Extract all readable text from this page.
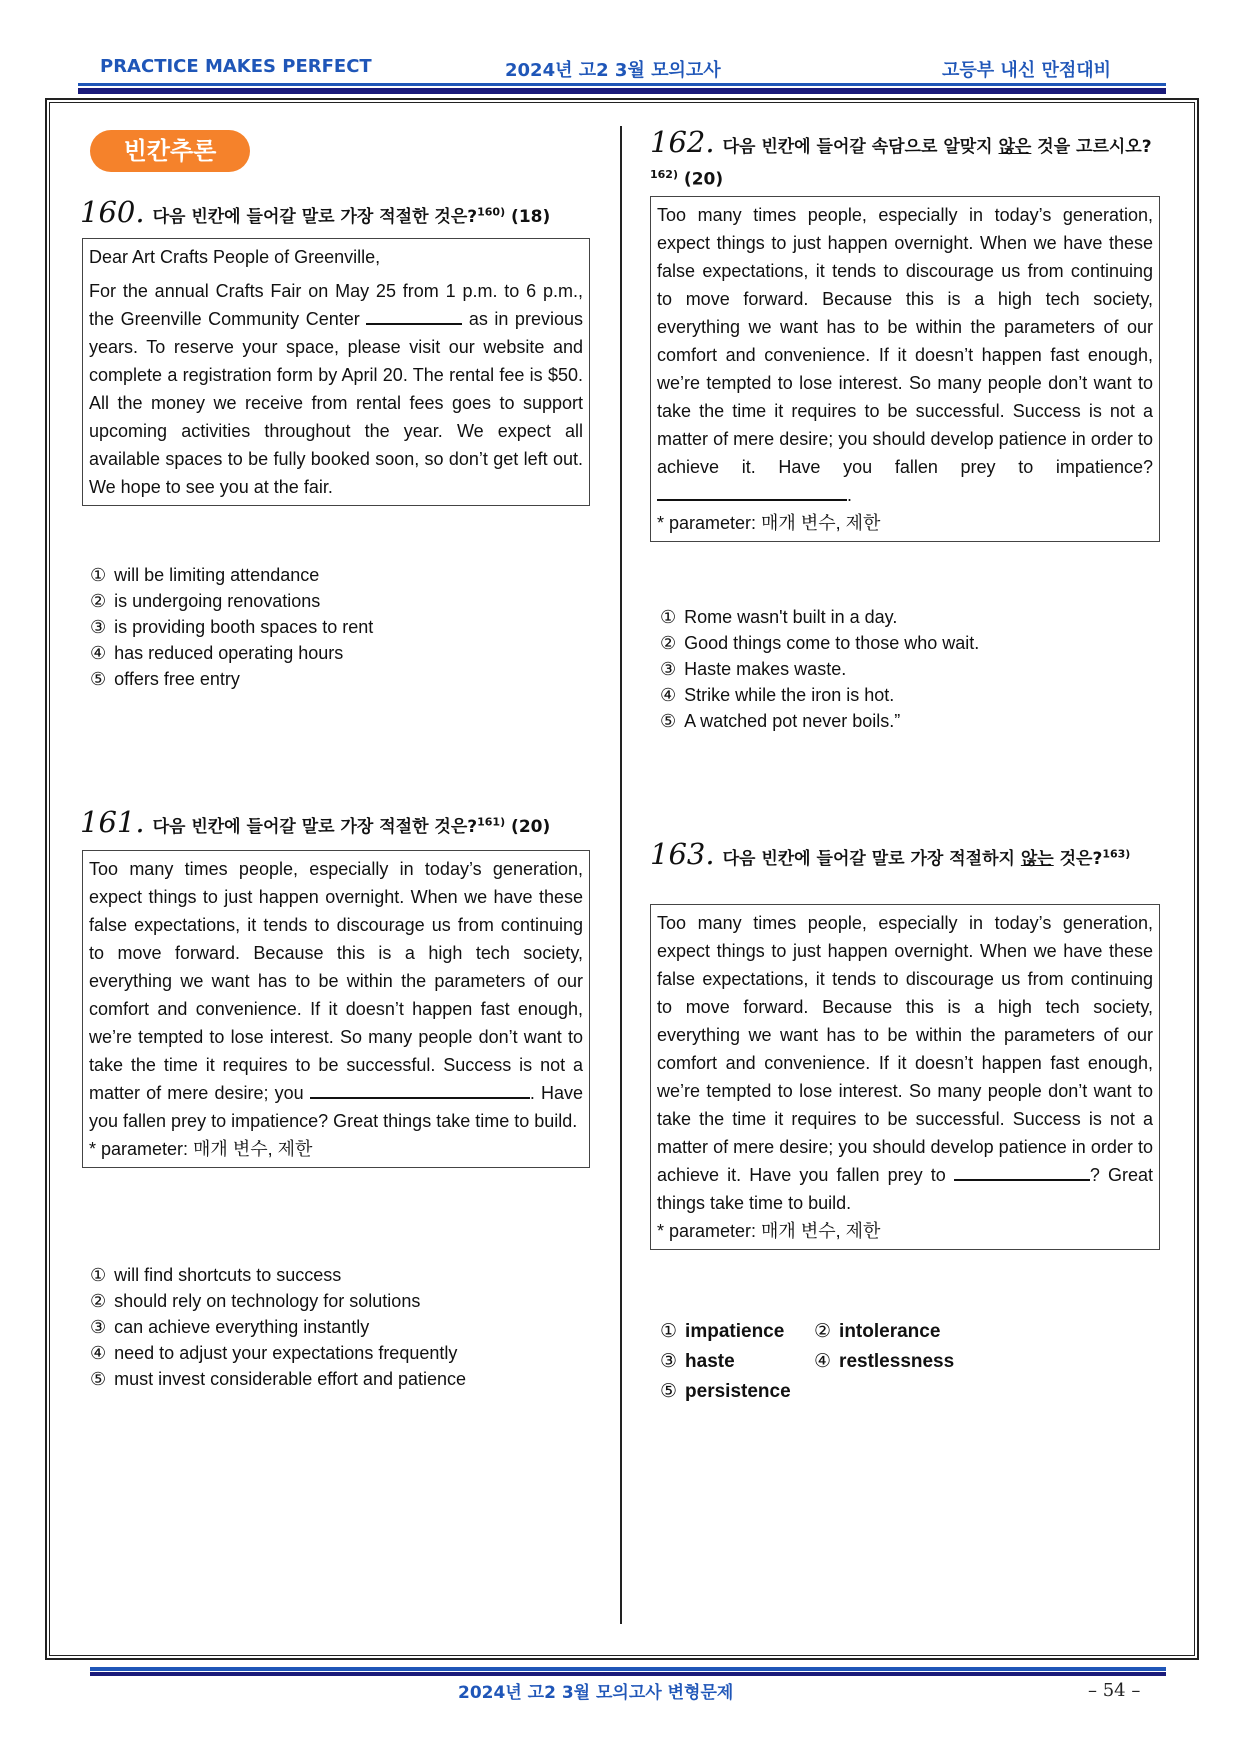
PRACTICE MAKES PERFECT	2024년 고2 3월 모의고사	고등부 내신 만점대비
빈칸추론
160. 다음 빈칸에 들어갈 말로 가장 적절한 것은?$^{160)}$ (18)

Dear Art Crafts People of Greenville,

For the annual Crafts Fair on May 25 from 1 p.m. to 6 p.m., the Greenville Community Center	as in previous years. To reserve your space, please visit our website and complete a registration form by April 20. The rental fee is $50. All the money we receive from rental fees goes to support upcoming activities throughout the year. We expect all available spaces to be fully booked soon, so don’t get left out. We hope to see you at the fair.

① will be limiting attendance
② is undergoing renovations
③ is providing booth spaces to rent
④ has reduced operating hours
⑤ offers free entry
161. 다음 빈칸에 들어갈 말로 가장 적절한 것은?$^{161)}$ (20)

Too many times people, especially in today’s generation, expect things to just happen overnight. When we have these false expectations, it tends to discourage us from continuing to move forward. Because this is a high tech society, everything we want has to be within the parameters of our comfort and convenience. If it doesn’t happen fast enough, we’re tempted to lose interest. So many people don’t want to take the time it requires to be successful. Success is not a matter of mere desire; you	. Have you fallen prey to impatience? Great things take time to build.

* parameter: 매개 변수, 제한

① will find shortcuts to success
② should rely on technology for solutions
③ can achieve everything instantly
④ need to adjust your expectations frequently
⑤ must invest considerable effort and patience
162. 다음 빈칸에 들어갈 속담으로 알맞지 않은 것을 고르시오?$^{162)}$ (20)

Too many times people, especially in today’s generation, expect things to just happen overnight. When we have these false expectations, it tends to discourage us from continuing to move forward. Because this is a high tech society, everything we want has to be within the parameters of our comfort and convenience. If it doesn’t happen fast enough, we’re tempted to lose interest. So many people don’t want to take the time it requires to be successful. Success is not a matter of mere desire; you should develop patience in order to achieve it. Have you fallen prey to impatience? .

* parameter: 매개 변수, 제한

① Rome wasn't built in a day.
② Good things come to those who wait.
③ Haste makes waste.
④ Strike while the iron is hot.
⑤ A watched pot never boils.”
163. 다음 빈칸에 들어갈 말로 가장 적절하지 않는 것은?$^{163)}$

Too many times people, especially in today’s generation, expect things to just happen overnight. When we have these false expectations, it tends to discourage us from continuing to move forward. Because this is a high tech society, everything we want has to be within the parameters of our comfort and convenience. If it doesn’t happen fast enough, we’re tempted to lose interest. So many people don’t want to take the time it requires to be successful. Success is not a matter of mere desire; you should develop patience in order to achieve it. Have you fallen prey to	? Great things take time to build.

* parameter: 매개 변수, 제한

① impatience	② intolerance
③ haste	④ restlessness
⑤ persistence
2024년 고2 3월 모의고사 변형문제	– 54 –
